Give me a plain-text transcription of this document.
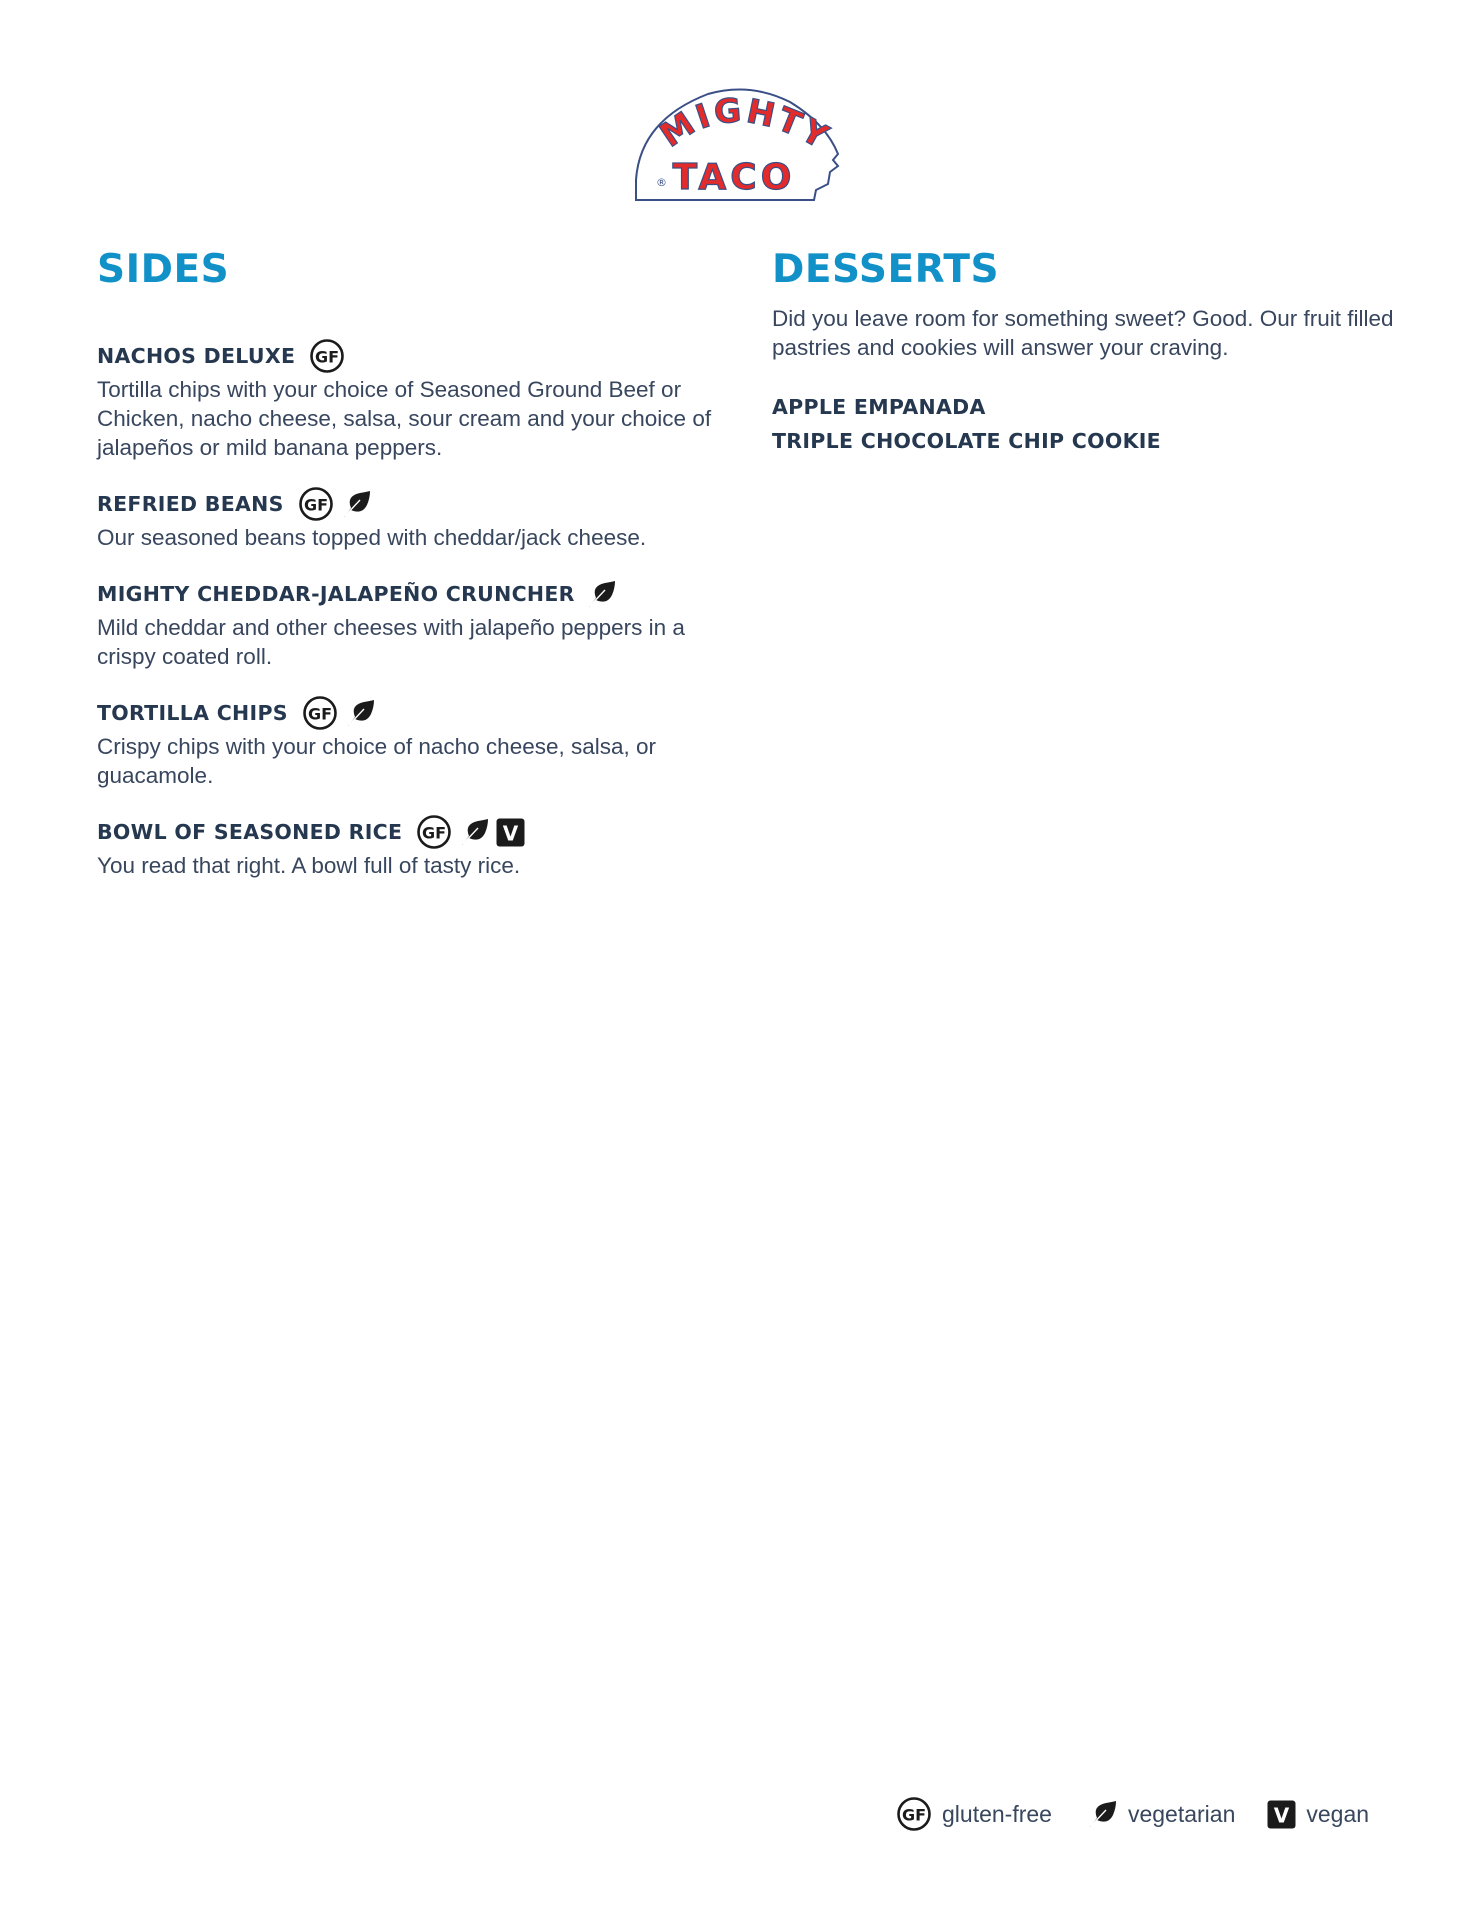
MIGHTY
TACO
®
SIDES
NACHOS DELUXE GF

Tortilla chips with your choice of Seasoned Ground Beef or Chicken, nacho cheese, salsa, sour cream and your choice of jalapeños or mild banana peppers.

REFRIED BEANS GF

Our seasoned beans topped with cheddar/jack cheese.

MIGHTY CHEDDAR-JALAPEÑO CRUNCHER

Mild cheddar and other cheeses with jalapeño peppers in a crispy coated roll.

TORTILLA CHIPS GF

Crispy chips with your choice of nacho cheese, salsa, or guacamole.

BOWL OF SEASONED RICE GF	V

You read that right. A bowl full of tasty rice.

DESSERTS

Did you leave room for something sweet? Good. Our fruit filled pastries and cookies will answer your craving.

APPLE EMPANADA
TRIPLE CHOCOLATE CHIP COOKIE
GF gluten-free	vegetarian V vegan
